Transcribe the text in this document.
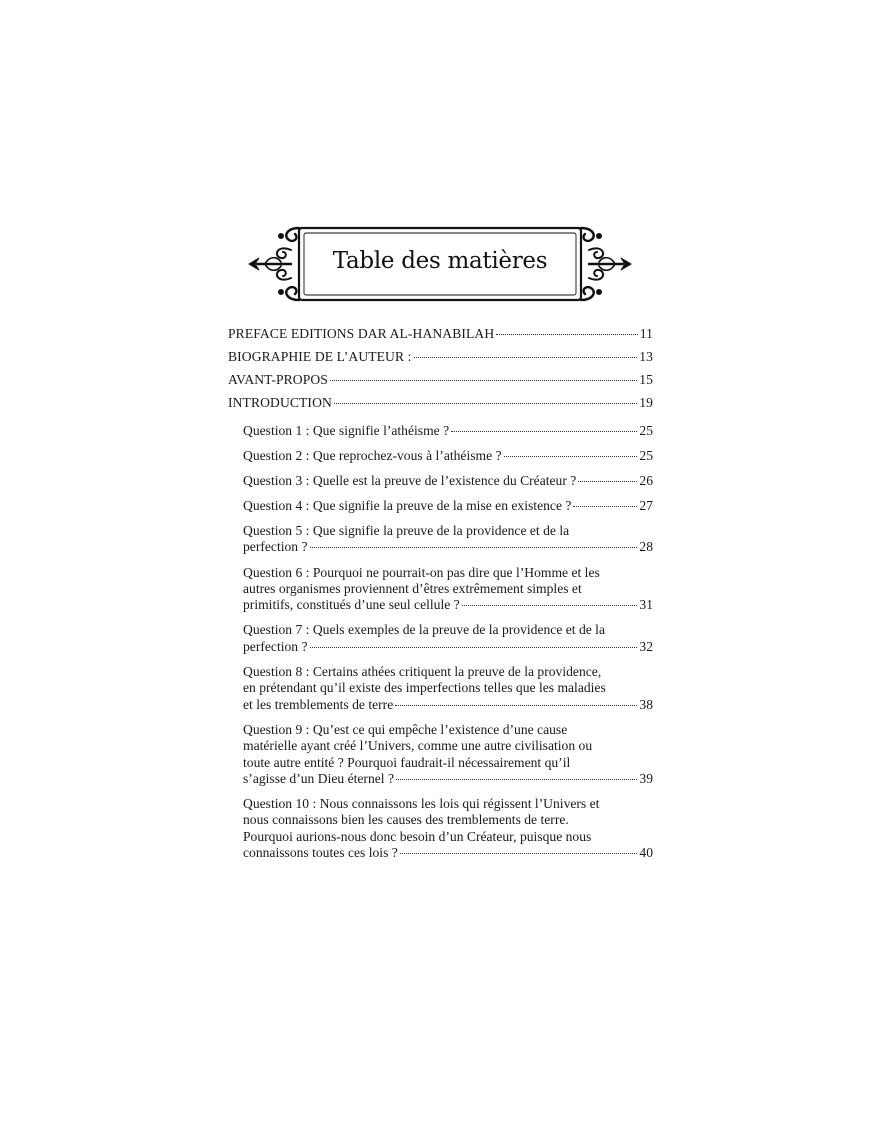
Table des matières
PREFACE EDITIONS DAR AL-HANABILAH	11
BIOGRAPHIE DE L’AUTEUR :	13
AVANT-PROPOS	15
INTRODUCTION	19
Question 1 : Que signifie l’athéisme ?	25
Question 2 : Que reprochez-vous à l’athéisme ?	25
Question 3 : Quelle est la preuve de l’existence du Créateur ?	26
Question 4 : Que signifie la preuve de la mise en existence ?	27
Question 5 : Que signifie la preuve de la providence et de la
perfection ?	28
Question 6 : Pourquoi ne pourrait-on pas dire que l’Homme et les
autres organismes proviennent d’êtres extrêmement simples et
primitifs, constitués d’une seul cellule ?	31
Question 7 : Quels exemples de la preuve de la providence et de la
perfection ?	32
Question 8 : Certains athées critiquent la preuve de la providence,
en prétendant qu’il existe des imperfections telles que les maladies
et les tremblements de terre	38
Question 9 : Qu’est ce qui empêche l’existence d’une cause
matérielle ayant créé l’Univers, comme une autre civilisation ou
toute autre entité ? Pourquoi faudrait-il nécessairement qu’il
s’agisse d’un Dieu éternel ?	39
Question 10 : Nous connaissons les lois qui régissent l’Univers et
nous connaissons bien les causes des tremblements de terre.
Pourquoi aurions-nous donc besoin d’un Créateur, puisque nous
connaissons toutes ces lois ?	40
